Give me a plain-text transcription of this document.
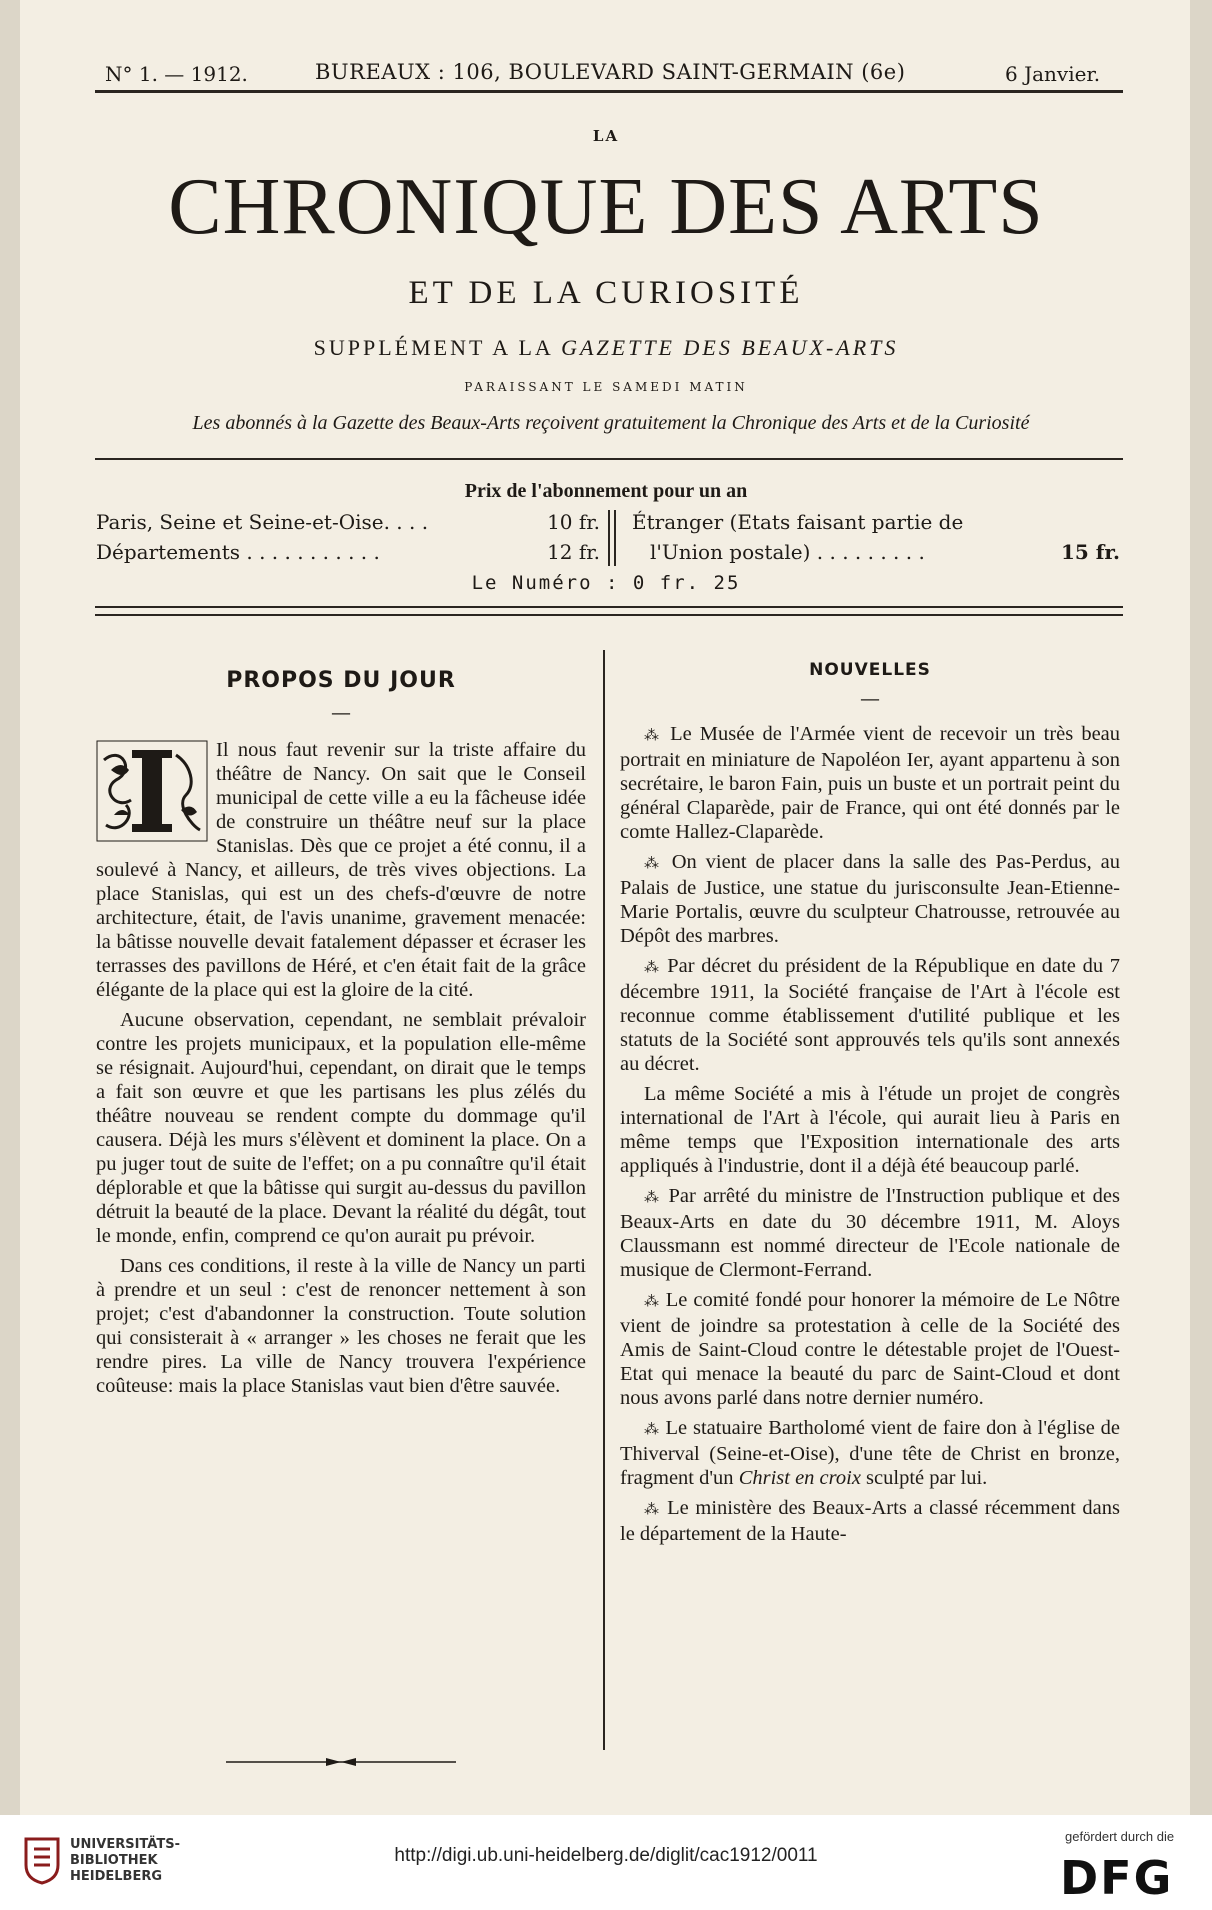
N° 1. — 1912.	BUREAUX : 106, BOULEVARD SAINT-GERMAIN (6e)	6 Janvier.
LA
CHRONIQUE DES ARTS
ET DE LA CURIOSITÉ
SUPPLÉMENT A LA GAZETTE DES BEAUX-ARTS
PARAISSANT LE SAMEDI MATIN
Les abonnés à la Gazette des Beaux-Arts reçoivent gratuitement la Chronique des Arts et de la Curiosité
Prix de l'abonnement pour un an
Paris, Seine et Seine-et-Oise. . . .	10 fr.
Départements . . . . . . . . . . .	12 fr.
Étranger (Etats faisant partie de
l'Union postale) . . . . . . . . .	15 fr.
Le Numéro : 0 fr. 25
PROPOS DU JOUR
—

Il nous faut revenir sur la triste affaire du théâtre de Nancy. On sait que le Conseil municipal de cette ville a eu la fâcheuse idée de construire un théâtre neuf sur la place Stanislas. Dès que ce projet a été connu, il a soulevé à Nancy, et ailleurs, de très vives objections. La place Stanislas, qui est un des chefs-d'œuvre de notre architecture, était, de l'avis unanime, gravement menacée: la bâtisse nouvelle devait fatalement dépasser et écraser les terrasses des pavillons de Héré, et c'en était fait de la grâce élégante de la place qui est la gloire de la cité.

Aucune observation, cependant, ne semblait prévaloir contre les projets municipaux, et la population elle-même se résignait. Aujourd'hui, cependant, on dirait que le temps a fait son œuvre et que les partisans les plus zélés du théâtre nouveau se rendent compte du dommage qu'il causera. Déjà les murs s'élèvent et dominent la place. On a pu juger tout de suite de l'effet; on a pu connaître qu'il était déplorable et que la bâtisse qui surgit au-dessus du pavillon détruit la beauté de la place. Devant la réalité du dégât, tout le monde, enfin, comprend ce qu'on aurait pu prévoir.

Dans ces conditions, il reste à la ville de Nancy un parti à prendre et un seul : c'est de renoncer nettement à son projet; c'est d'abandonner la construction. Toute solution qui consisterait à « arranger » les choses ne ferait que les rendre pires. La ville de Nancy trouvera l'expérience coûteuse: mais la place Stanislas vaut bien d'être sauvée.

NOUVELLES
—

⁂ Le Musée de l'Armée vient de recevoir un très beau portrait en miniature de Napoléon Ier, ayant appartenu à son secrétaire, le baron Fain, puis un buste et un portrait peint du général Claparède, pair de France, qui ont été donnés par le comte Hallez-Claparède.

⁂ On vient de placer dans la salle des Pas-Perdus, au Palais de Justice, une statue du jurisconsulte Jean-Etienne-Marie Portalis, œuvre du sculpteur Chatrousse, retrouvée au Dépôt des marbres.

⁂ Par décret du président de la République en date du 7 décembre 1911, la Société française de l'Art à l'école est reconnue comme établissement d'utilité publique et les statuts de la Société sont approuvés tels qu'ils sont annexés au décret.

La même Société a mis à l'étude un projet de congrès international de l'Art à l'école, qui aurait lieu à Paris en même temps que l'Exposition internationale des arts appliqués à l'industrie, dont il a déjà été beaucoup parlé.

⁂ Par arrêté du ministre de l'Instruction publique et des Beaux-Arts en date du 30 décembre 1911, M. Aloys Claussmann est nommé directeur de l'Ecole nationale de musique de Clermont-Ferrand.

⁂ Le comité fondé pour honorer la mémoire de Le Nôtre vient de joindre sa protestation à celle de la Société des Amis de Saint-Cloud contre le détestable projet de l'Ouest-Etat qui menace la beauté du parc de Saint-Cloud et dont nous avons parlé dans notre dernier numéro.

⁂ Le statuaire Bartholomé vient de faire don à l'église de Thiverval (Seine-et-Oise), d'une tête de Christ en bronze, fragment d'un Christ en croix sculpté par lui.

⁂ Le ministère des Beaux-Arts a classé récemment dans le département de la Haute-

UNIVERSITÄTS-
BIBLIOTHEK
HEIDELBERG
http://digi.ub.uni-heidelberg.de/diglit/cac1912/0011
gefördert durch die
DFG
